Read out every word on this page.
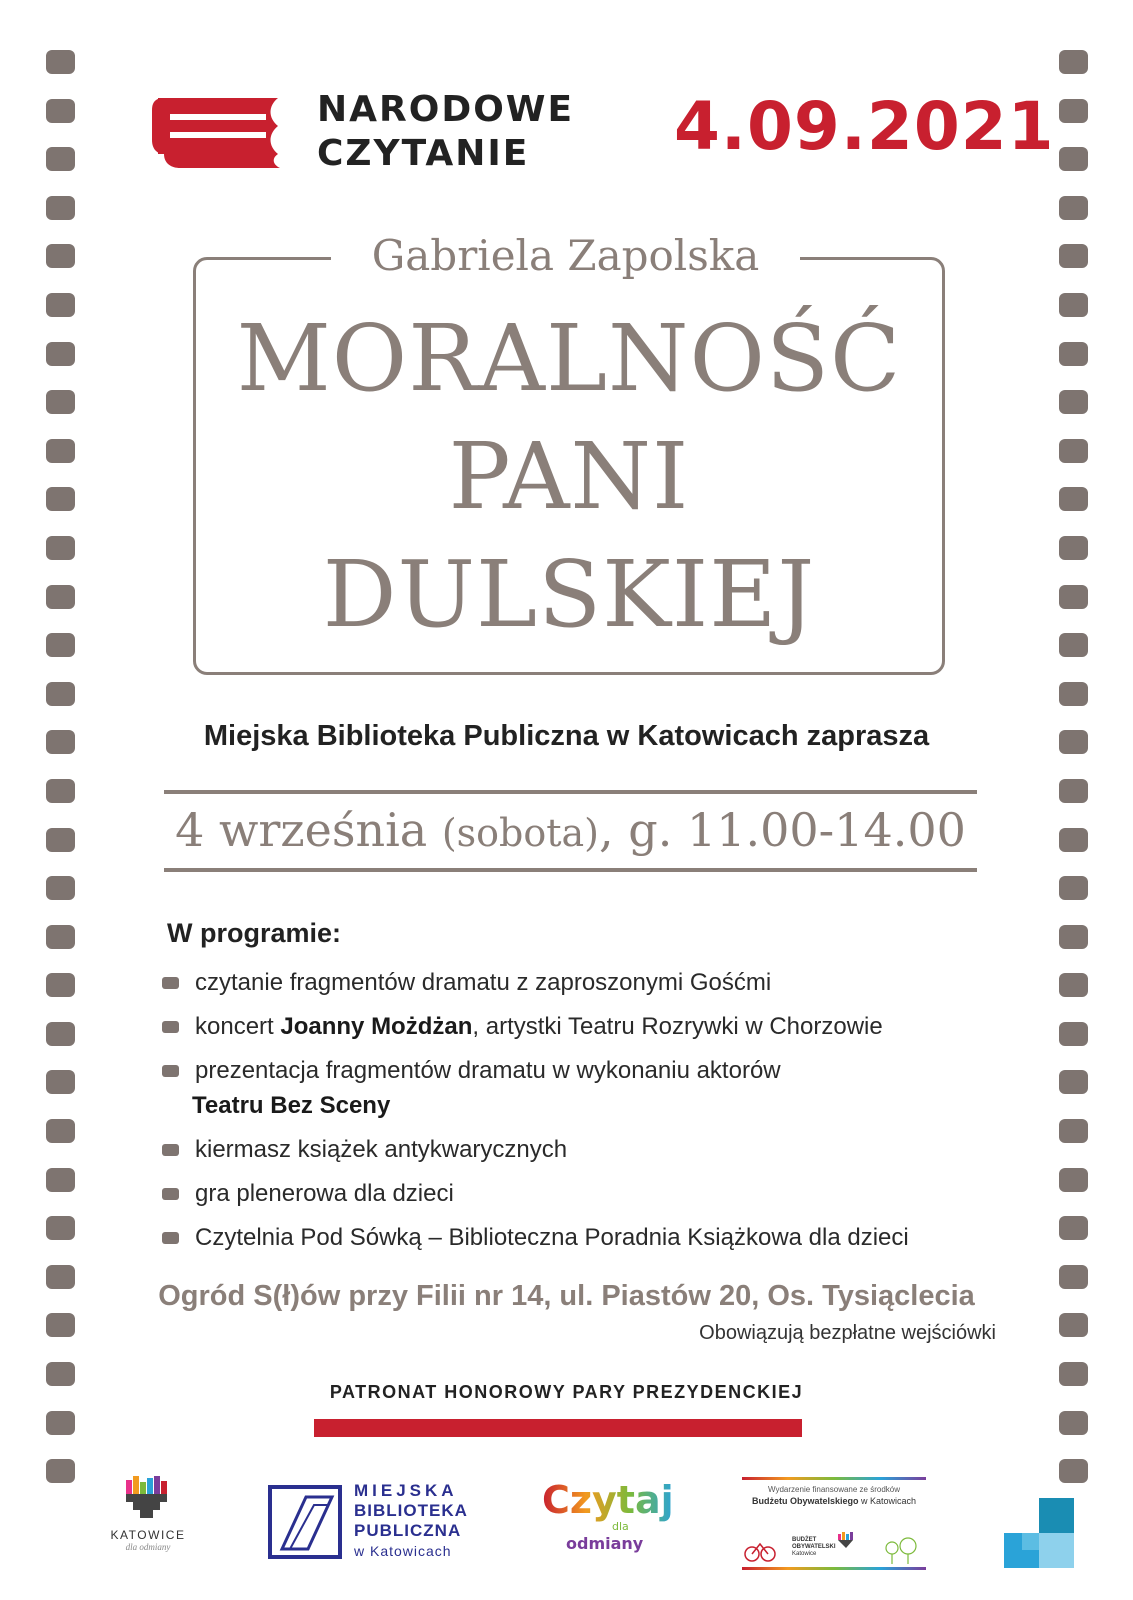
NARODOWE
CZYTANIE	4.09.2021
Gabriela Zapolska
MORALNOŚĆ
PANI
DULSKIEJ
Miejska Biblioteka Publiczna w Katowicach zaprasza
4 września (sobota), g. 11.00-14.00
W programie:
czytanie fragmentów dramatu z zaproszonymi Gośćmi
koncert Joanny Możdżan, artystki Teatru Rozrywki w Chorzowie
prezentacja fragmentów dramatu w wykonaniu aktorów
Teatru Bez Sceny
kiermasz książek antykwarycznych
gra plenerowa dla dzieci
Czytelnia Pod Sówką – Biblioteczna Poradnia Książkowa dla dzieci
Ogród S(ł)ów przy Filii nr 14, ul. Piastów 20, Os. Tysiąclecia
Obowiązują bezpłatne wejściówki
PATRONAT HONOROWY PARY PREZYDENCKIEJ
KATOWICE
dla odmiany
MIEJSKA
BIBLIOTEKA
PUBLICZNA
w Katowicach
Czytaj
dla
odmiany
Wydarzenie finansowane ze środków
Budżetu Obywatelskiego w Katowicach
BUDŻET
OBYWATELSKI
Katowice
